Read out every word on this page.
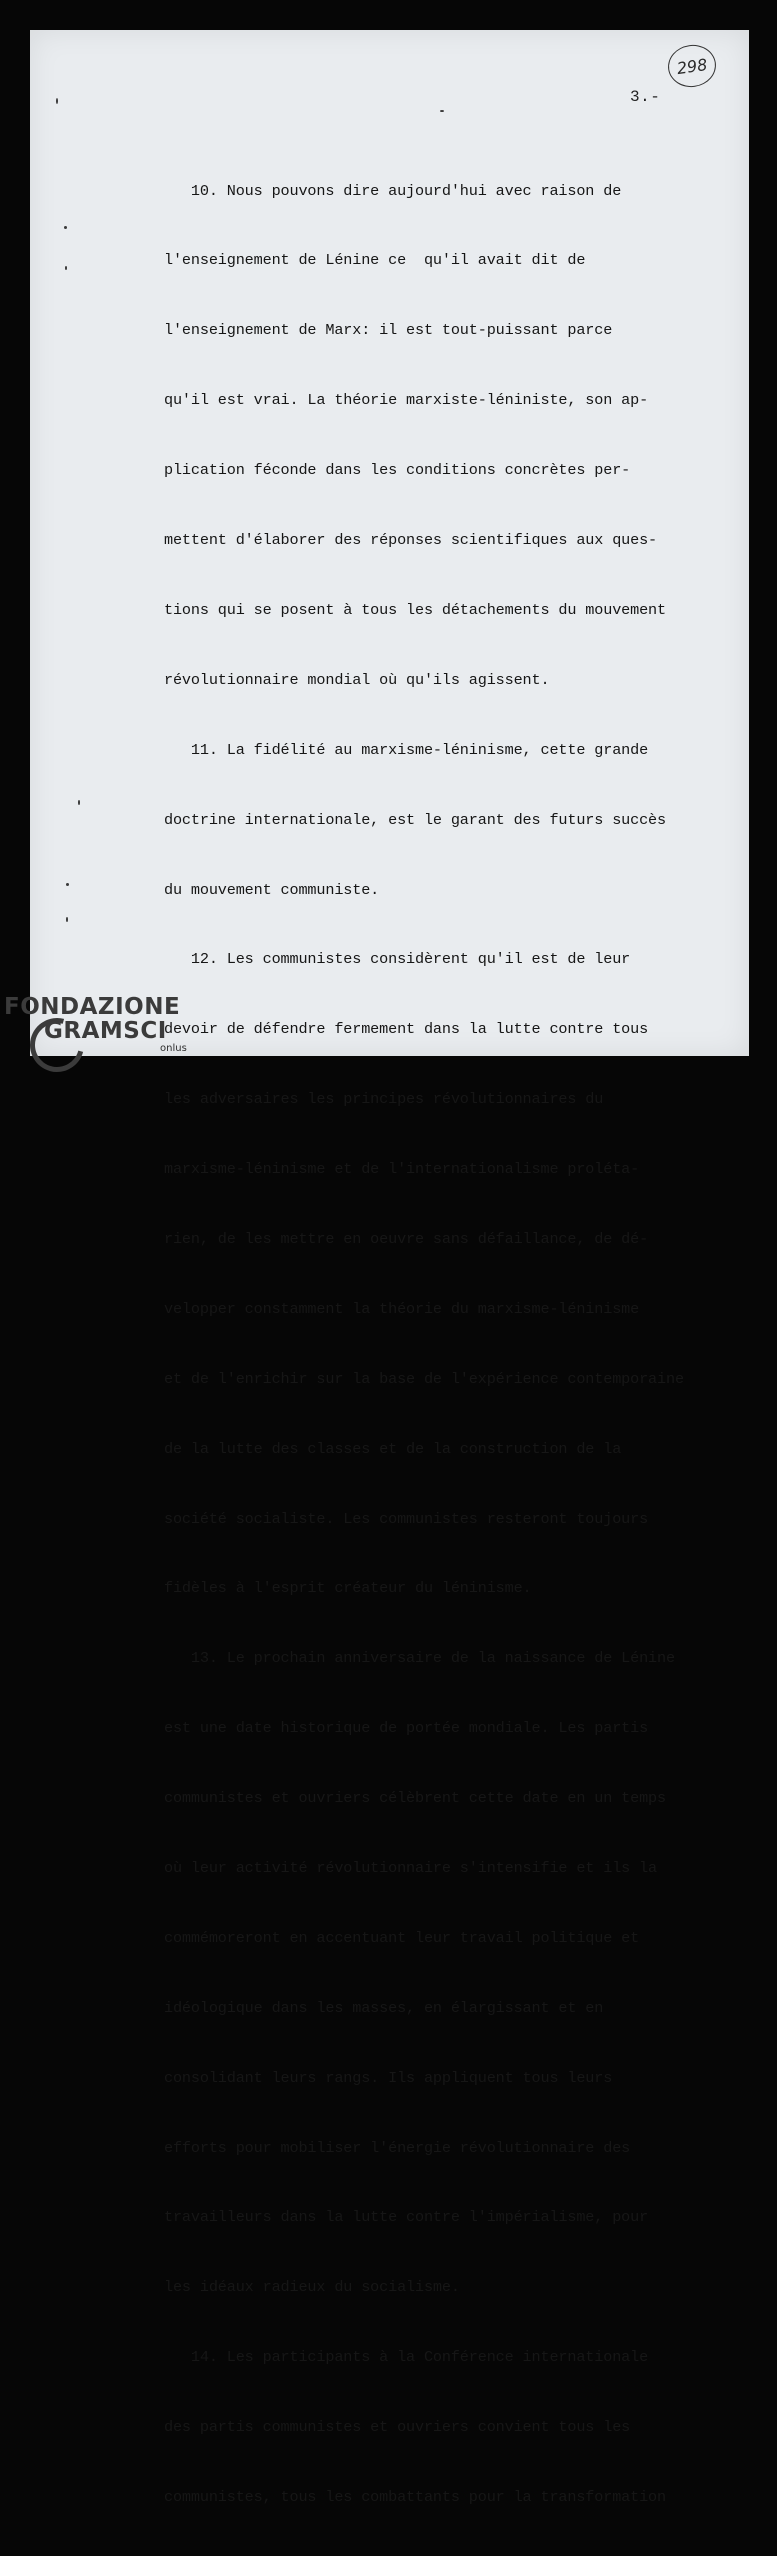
298
3.-

10. Nous pouvons dire aujourd'hui avec raison de

l'enseignement de Lénine ce  qu'il avait dit de

l'enseignement de Marx: il est tout-puissant parce

qu'il est vrai. La théorie marxiste-léniniste, son ap-

plication féconde dans les conditions concrètes per-

mettent d'élaborer des réponses scientifiques aux ques-

tions qui se posent à tous les détachements du mouvement

révolutionnaire mondial où qu'ils agissent.

11. La fidélité au marxisme-léninisme, cette grande

doctrine internationale, est le garant des futurs succès

du mouvement communiste.

12. Les communistes considèrent qu'il est de leur

devoir de défendre fermement dans la lutte contre tous

les adversaires les principes révolutionnaires du

marxisme-léninisme et de l'internationalisme prolétа-

rien, de les mettre en oeuvre sans défaillance, de dé-

velopper constamment la théorie du marxisme-léninisme

et de l'enrichir sur la base de l'expérience contemporaine

de la lutte des classes et de la construction de la

société socialiste. Les communistes resteront toujours

fidèles à l'esprit créateur du léninisme.

13. Le prochain anniversaire de la naissance de Lénine

est une date historique de portée mondiale. Les partis

communistes et ouvriers célèbrent cette date en un temps

où leur activité révolutionnaire s'intensifie et ils la

commémoreront en accentuant leur travail politique et

idéologique dans les masses, en élargissant et en

consolidant leurs rangs. Ils appliquent tous leurs

efforts pour mobiliser l'énergie révolutionnaire des

travailleurs dans la lutte contre l'impérialisme, pour

les idéaux radieux du socialisme.

14. Les participants à la Conférence internationale

des partis communistes et ouvriers convient tous les

communistes, tous les combattants pour la transformation

FONDAZIONE
GRAMSCI
onlus
